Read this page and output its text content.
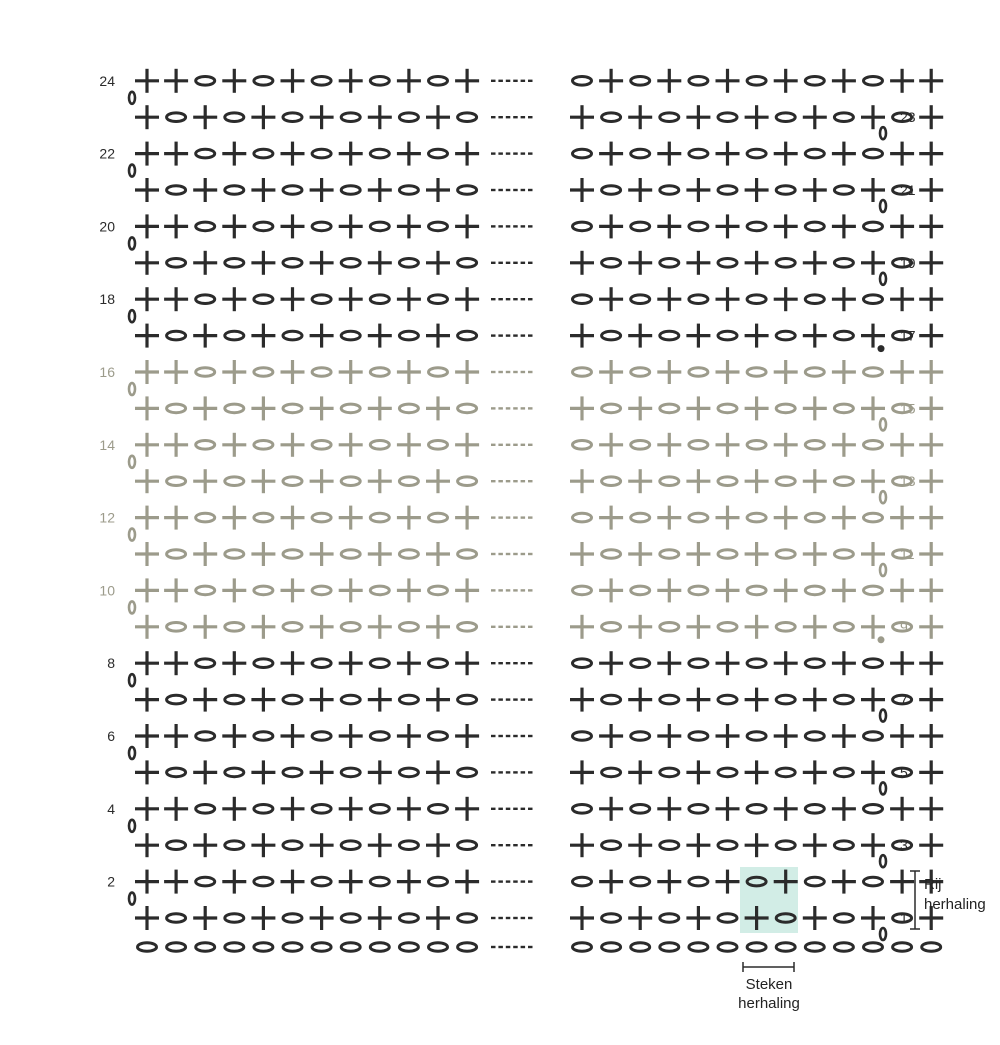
1
2
3
4
5
6
7
8
9
10
11
12
13
14
15
16
17
18
19
20
21
22
23
24
Rij
herhaling
Steken
herhaling
